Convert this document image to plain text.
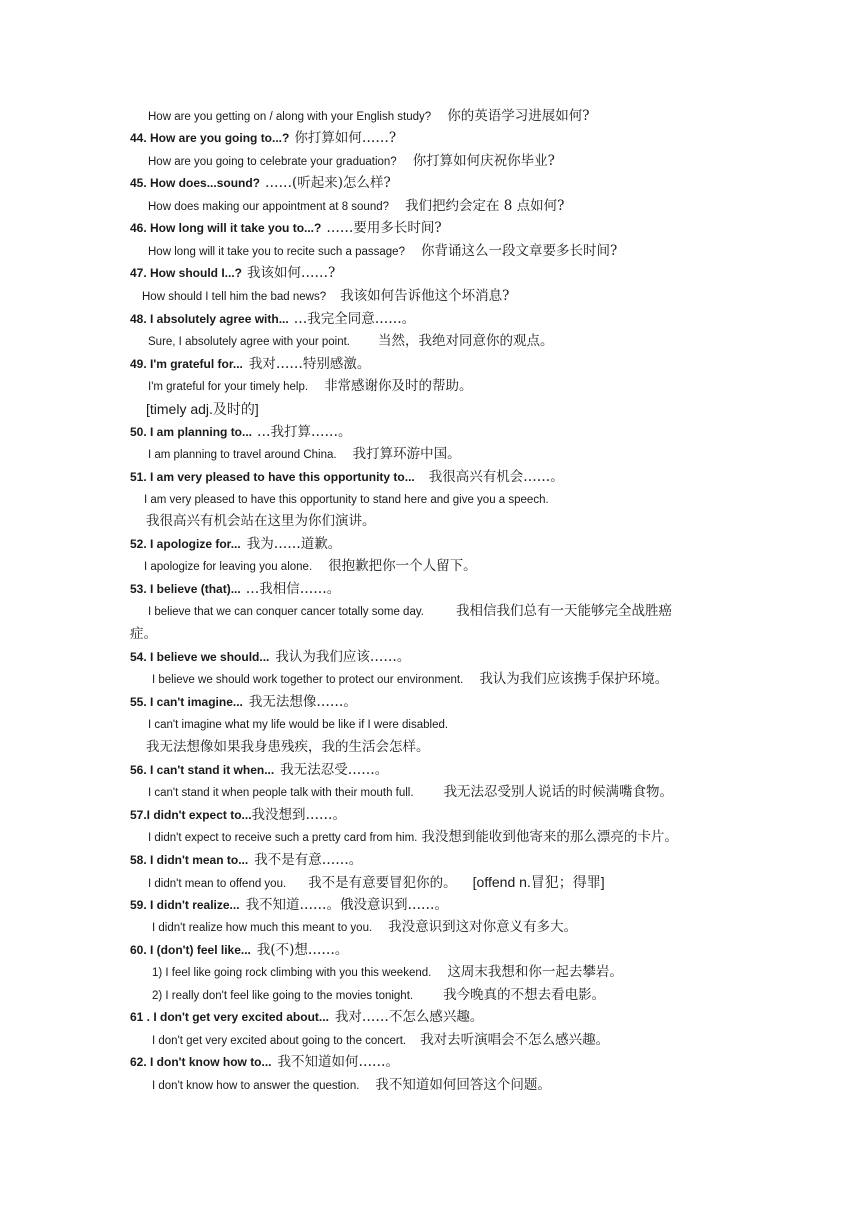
How are you getting on / along with your English study? 你的英语学习进展如何?
44. How are you going to...? 你打算如何……?
How are you going to celebrate your graduation? 你打算如何庆祝你毕业?
45. How does...sound? ……(听起来)怎么样?
How does making our appointment at 8 sound? 我们把约会定在 8 点如何?
46. How long will it take you to...? ……要用多长时间?
How long will it take you to recite such a passage? 你背诵这么一段文章要多长时间?
47. How should I...? 我该如何……?
How should I tell him the bad news? 我该如何告诉他这个坏消息?
48. I absolutely agree with... …我完全同意……。
Sure, I absolutely agree with your point. 当然，我绝对同意你的观点。
49. I'm grateful for... 我对……特别感激。
I'm grateful for your timely help. 非常感谢你及时的帮助。
[timely adj.及时的]
50. I am planning to... …我打算……。
I am planning to travel around China. 我打算环游中国。
51. I am very pleased to have this opportunity to... 我很高兴有机会……。
I am very pleased to have this opportunity to stand here and give you a speech.
我很高兴有机会站在这里为你们演讲。
52. I apologize for... 我为……道歉。
I apologize for leaving you alone. 很抱歉把你一个人留下。
53. I believe (that)... …我相信……。
I believe that we can conquer cancer totally some day. 我相信我们总有一天能够完全战胜癌
症。
54. I believe we should... 我认为我们应该……。
I believe we should work together to protect our environment. 我认为我们应该携手保护环境。
55. I can't imagine... 我无法想像……。
I can't imagine what my life would be like if I were disabled.
我无法想像如果我身患残疾，我的生活会怎样。
56. I can't stand it when... 我无法忍受……。
I can't stand it when people talk with their mouth full. 我无法忍受别人说话的时候满嘴食物。
57.I didn't expect to...我没想到……。
I didn't expect to receive such a pretty card from him. 我没想到能收到他寄来的那么漂亮的卡片。
58. I didn't mean to... 我不是有意……。
I didn't mean to offend you. 我不是有意要冒犯你的。 [offend n.冒犯；得罪]
59. I didn't realize... 我不知道……。俄没意识到……。
I didn't realize how much this meant to you. 我没意识到这对你意义有多大。
60. I (don't) feel like... 我(不)想……。
1) I feel like going rock climbing with you this weekend. 这周末我想和你一起去攀岩。
2) I really don't feel like going to the movies tonight. 我今晚真的不想去看电影。
61 . I don't get very excited about... 我对……不怎么感兴趣。
I don't get very excited about going to the concert. 我对去听演唱会不怎么感兴趣。
62. I don't know how to... 我不知道如何……。
I don't know how to answer the question. 我不知道如何回答这个问题。
